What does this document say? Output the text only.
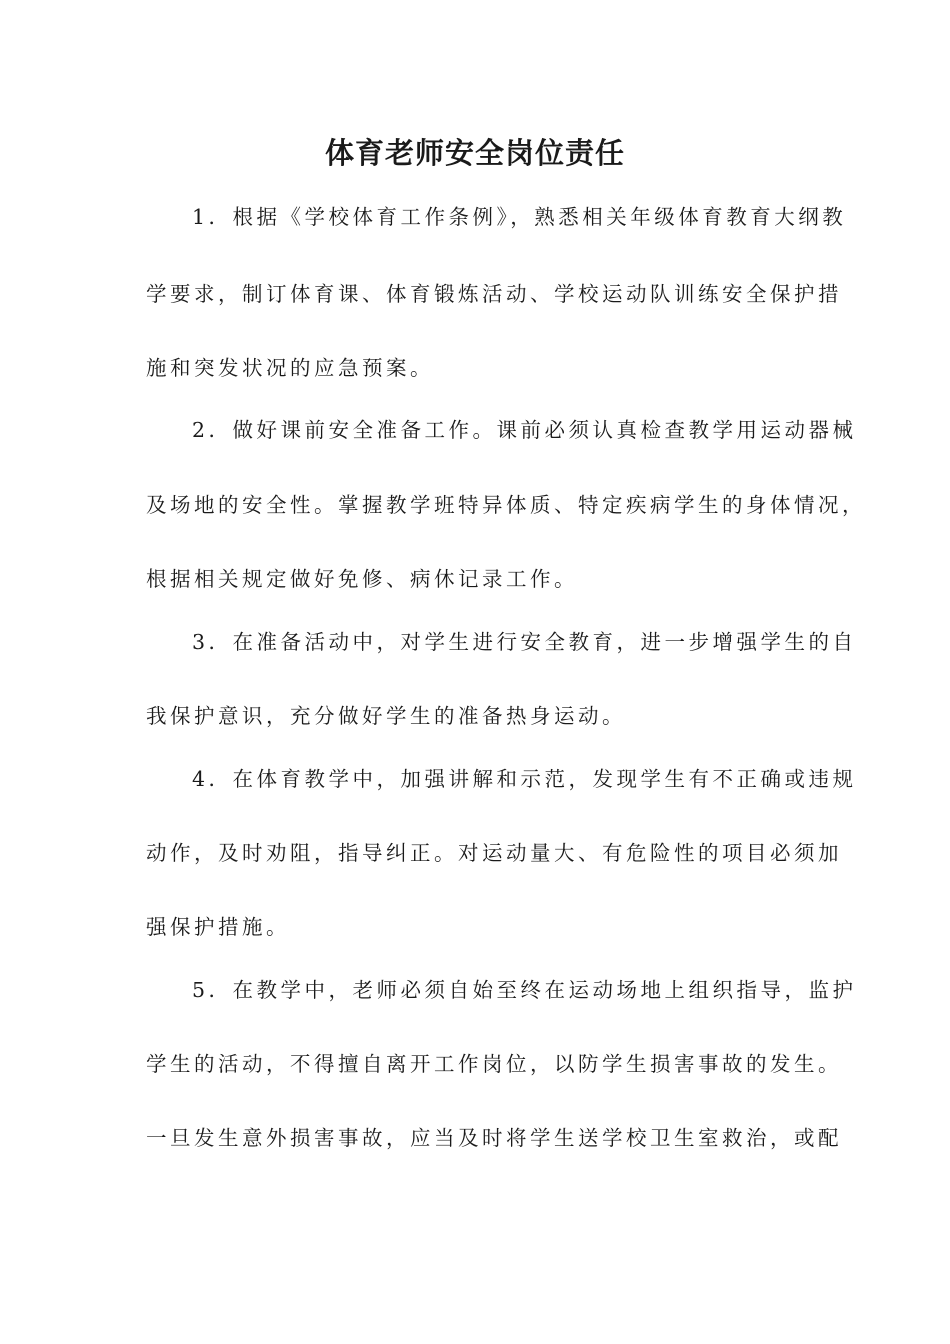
体育老师安全岗位责任
1．根据《学校体育工作条例》，熟悉相关年级体育教育大纲教
学要求，制订体育课、体育锻炼活动、学校运动队训练安全保护措
施和突发状况的应急预案。
2．做好课前安全准备工作。课前必须认真检查教学用运动器械
及场地的安全性。掌握教学班特异体质、特定疾病学生的身体情况，
根据相关规定做好免修、病休记录工作。
3．在准备活动中，对学生进行安全教育，进一步增强学生的自
我保护意识，充分做好学生的准备热身运动。
4．在体育教学中，加强讲解和示范，发现学生有不正确或违规
动作，及时劝阻，指导纠正。对运动量大、有危险性的项目必须加
强保护措施。
5．在教学中，老师必须自始至终在运动场地上组织指导，监护
学生的活动，不得擅自离开工作岗位，以防学生损害事故的发生。
一旦发生意外损害事故，应当及时将学生送学校卫生室救治，或配
